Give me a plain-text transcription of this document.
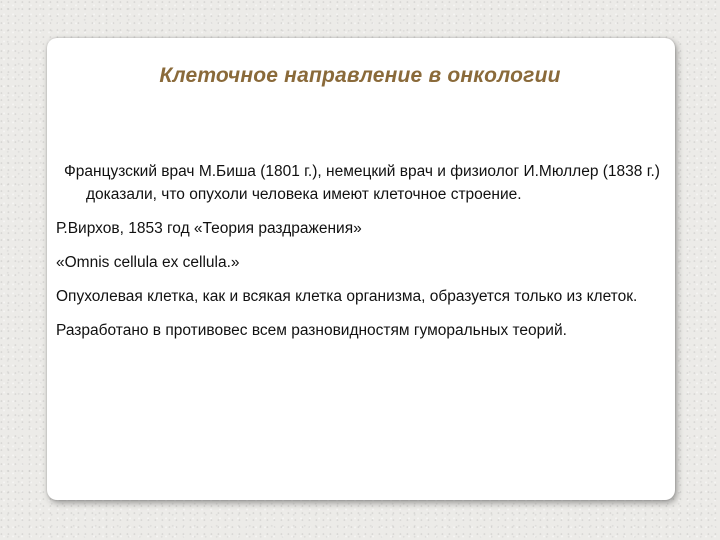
Клеточное направление в онкологии

Французский врач М.Биша (1801 г.), немецкий врач и физиолог И.Мюллер (1838 г.) доказали, что опухоли человека имеют клеточное строение.

Р.Вирхов, 1853 год «Теория раздражения»

«Omnis cellula ex cellula.»

Опухолевая клетка, как и всякая клетка организма, образуется только из клеток.

Разработано в противовес всем разновидностям гуморальных теорий.
